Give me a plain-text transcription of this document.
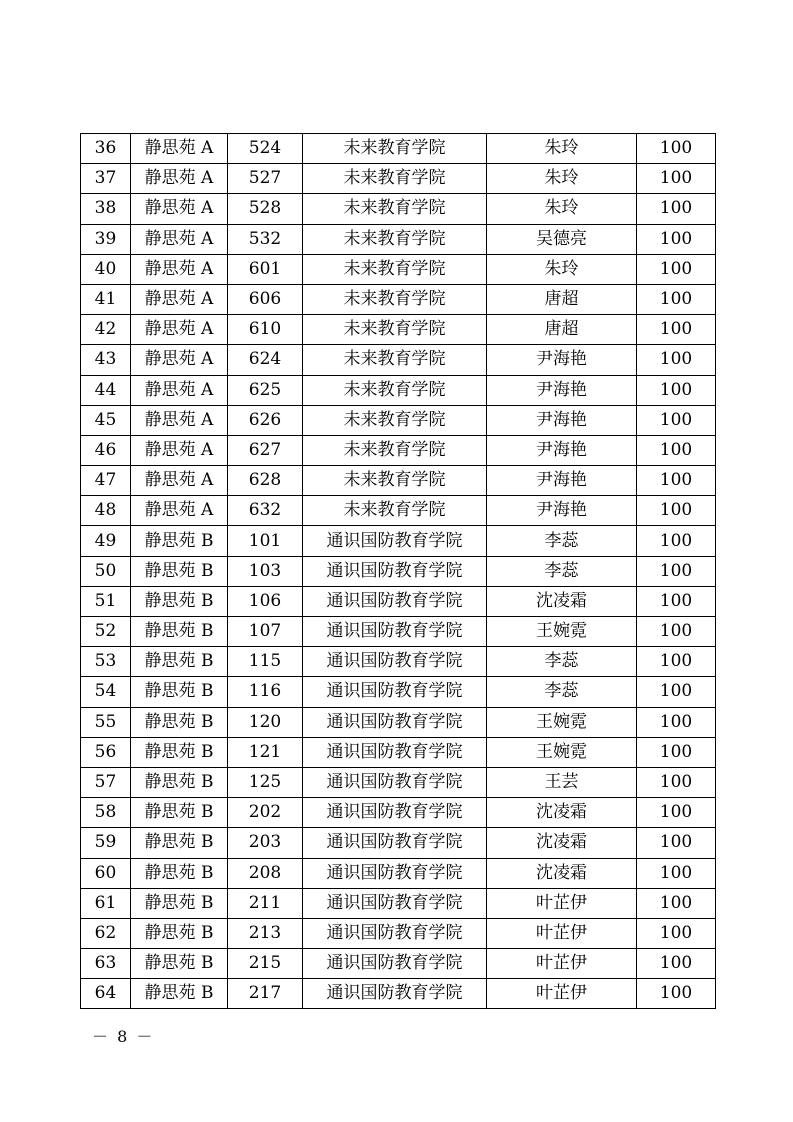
36	静思苑 A	524	未来教育学院	朱玲	100
37	静思苑 A	527	未来教育学院	朱玲	100
38	静思苑 A	528	未来教育学院	朱玲	100
39	静思苑 A	532	未来教育学院	吴德亮	100
40	静思苑 A	601	未来教育学院	朱玲	100
41	静思苑 A	606	未来教育学院	唐超	100
42	静思苑 A	610	未来教育学院	唐超	100
43	静思苑 A	624	未来教育学院	尹海艳	100
44	静思苑 A	625	未来教育学院	尹海艳	100
45	静思苑 A	626	未来教育学院	尹海艳	100
46	静思苑 A	627	未来教育学院	尹海艳	100
47	静思苑 A	628	未来教育学院	尹海艳	100
48	静思苑 A	632	未来教育学院	尹海艳	100
49	静思苑 B	101	通识国防教育学院	李蕊	100
50	静思苑 B	103	通识国防教育学院	李蕊	100
51	静思苑 B	106	通识国防教育学院	沈凌霜	100
52	静思苑 B	107	通识国防教育学院	王婉霓	100
53	静思苑 B	115	通识国防教育学院	李蕊	100
54	静思苑 B	116	通识国防教育学院	李蕊	100
55	静思苑 B	120	通识国防教育学院	王婉霓	100
56	静思苑 B	121	通识国防教育学院	王婉霓	100
57	静思苑 B	125	通识国防教育学院	王芸	100
58	静思苑 B	202	通识国防教育学院	沈凌霜	100
59	静思苑 B	203	通识国防教育学院	沈凌霜	100
60	静思苑 B	208	通识国防教育学院	沈凌霜	100
61	静思苑 B	211	通识国防教育学院	叶芷伊	100
62	静思苑 B	213	通识国防教育学院	叶芷伊	100
63	静思苑 B	215	通识国防教育学院	叶芷伊	100
64	静思苑 B	217	通识国防教育学院	叶芷伊	100
－ 8 －
